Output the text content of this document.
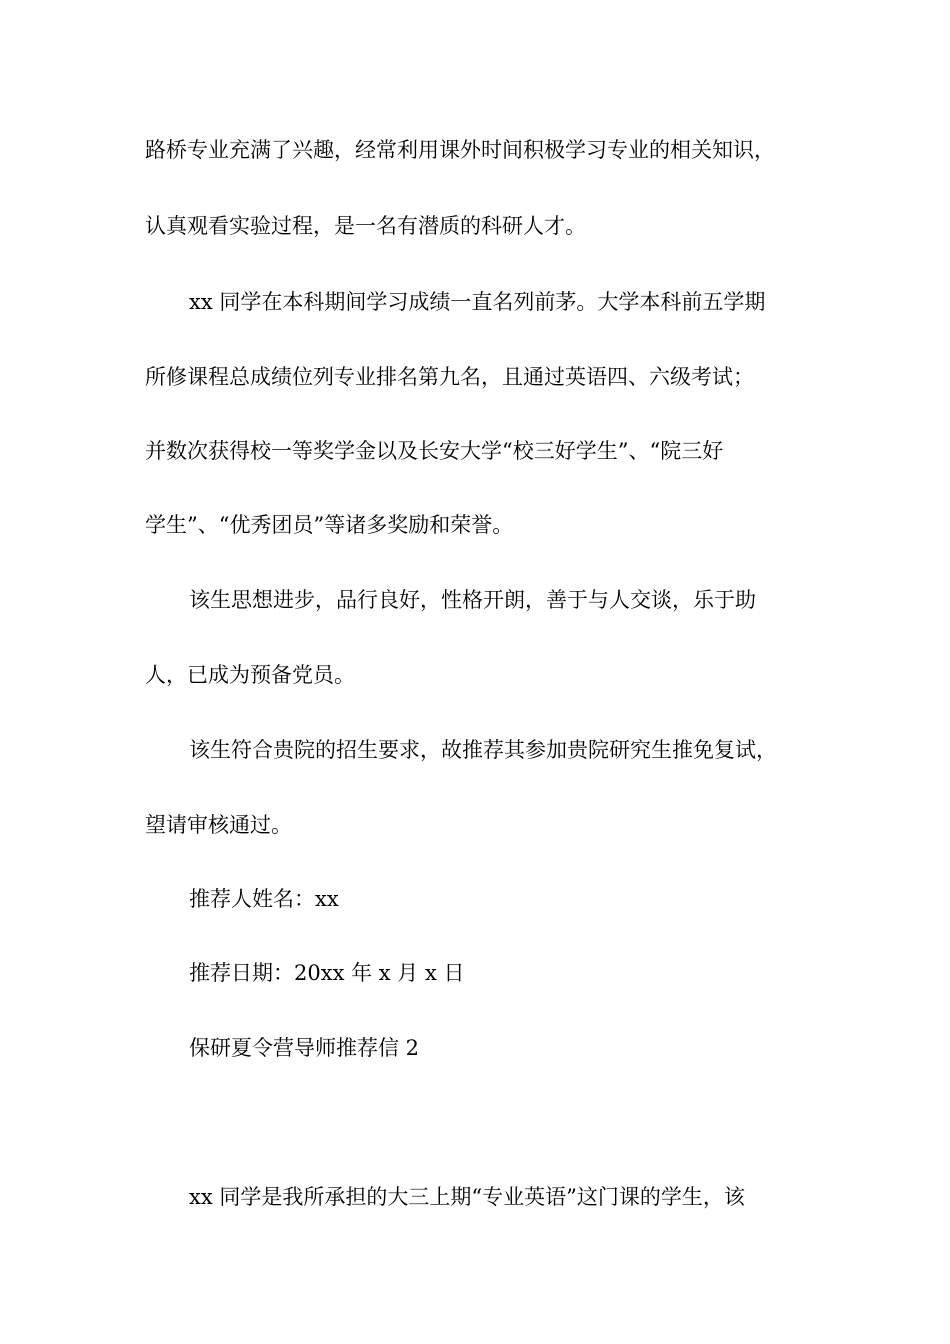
路桥专业充满了兴趣，经常利用课外时间积极学习专业的相关知识，
认真观看实验过程，是一名有潜质的科研人才。
xx 同学在本科期间学习成绩一直名列前茅。大学本科前五学期
所修课程总成绩位列专业排名第九名，且通过英语四、六级考试；
并数次获得校一等奖学金以及长安大学“校三好学生”、“院三好
学生”、“优秀团员”等诸多奖励和荣誉。
该生思想进步，品行良好，性格开朗，善于与人交谈，乐于助
人，已成为预备党员。
该生符合贵院的招生要求，故推荐其参加贵院研究生推免复试，
望请审核通过。
推荐人姓名：xx
推荐日期：20xx 年 x 月 x 日
保研夏令营导师推荐信 2
xx 同学是我所承担的大三上期“专业英语”这门课的学生，该
